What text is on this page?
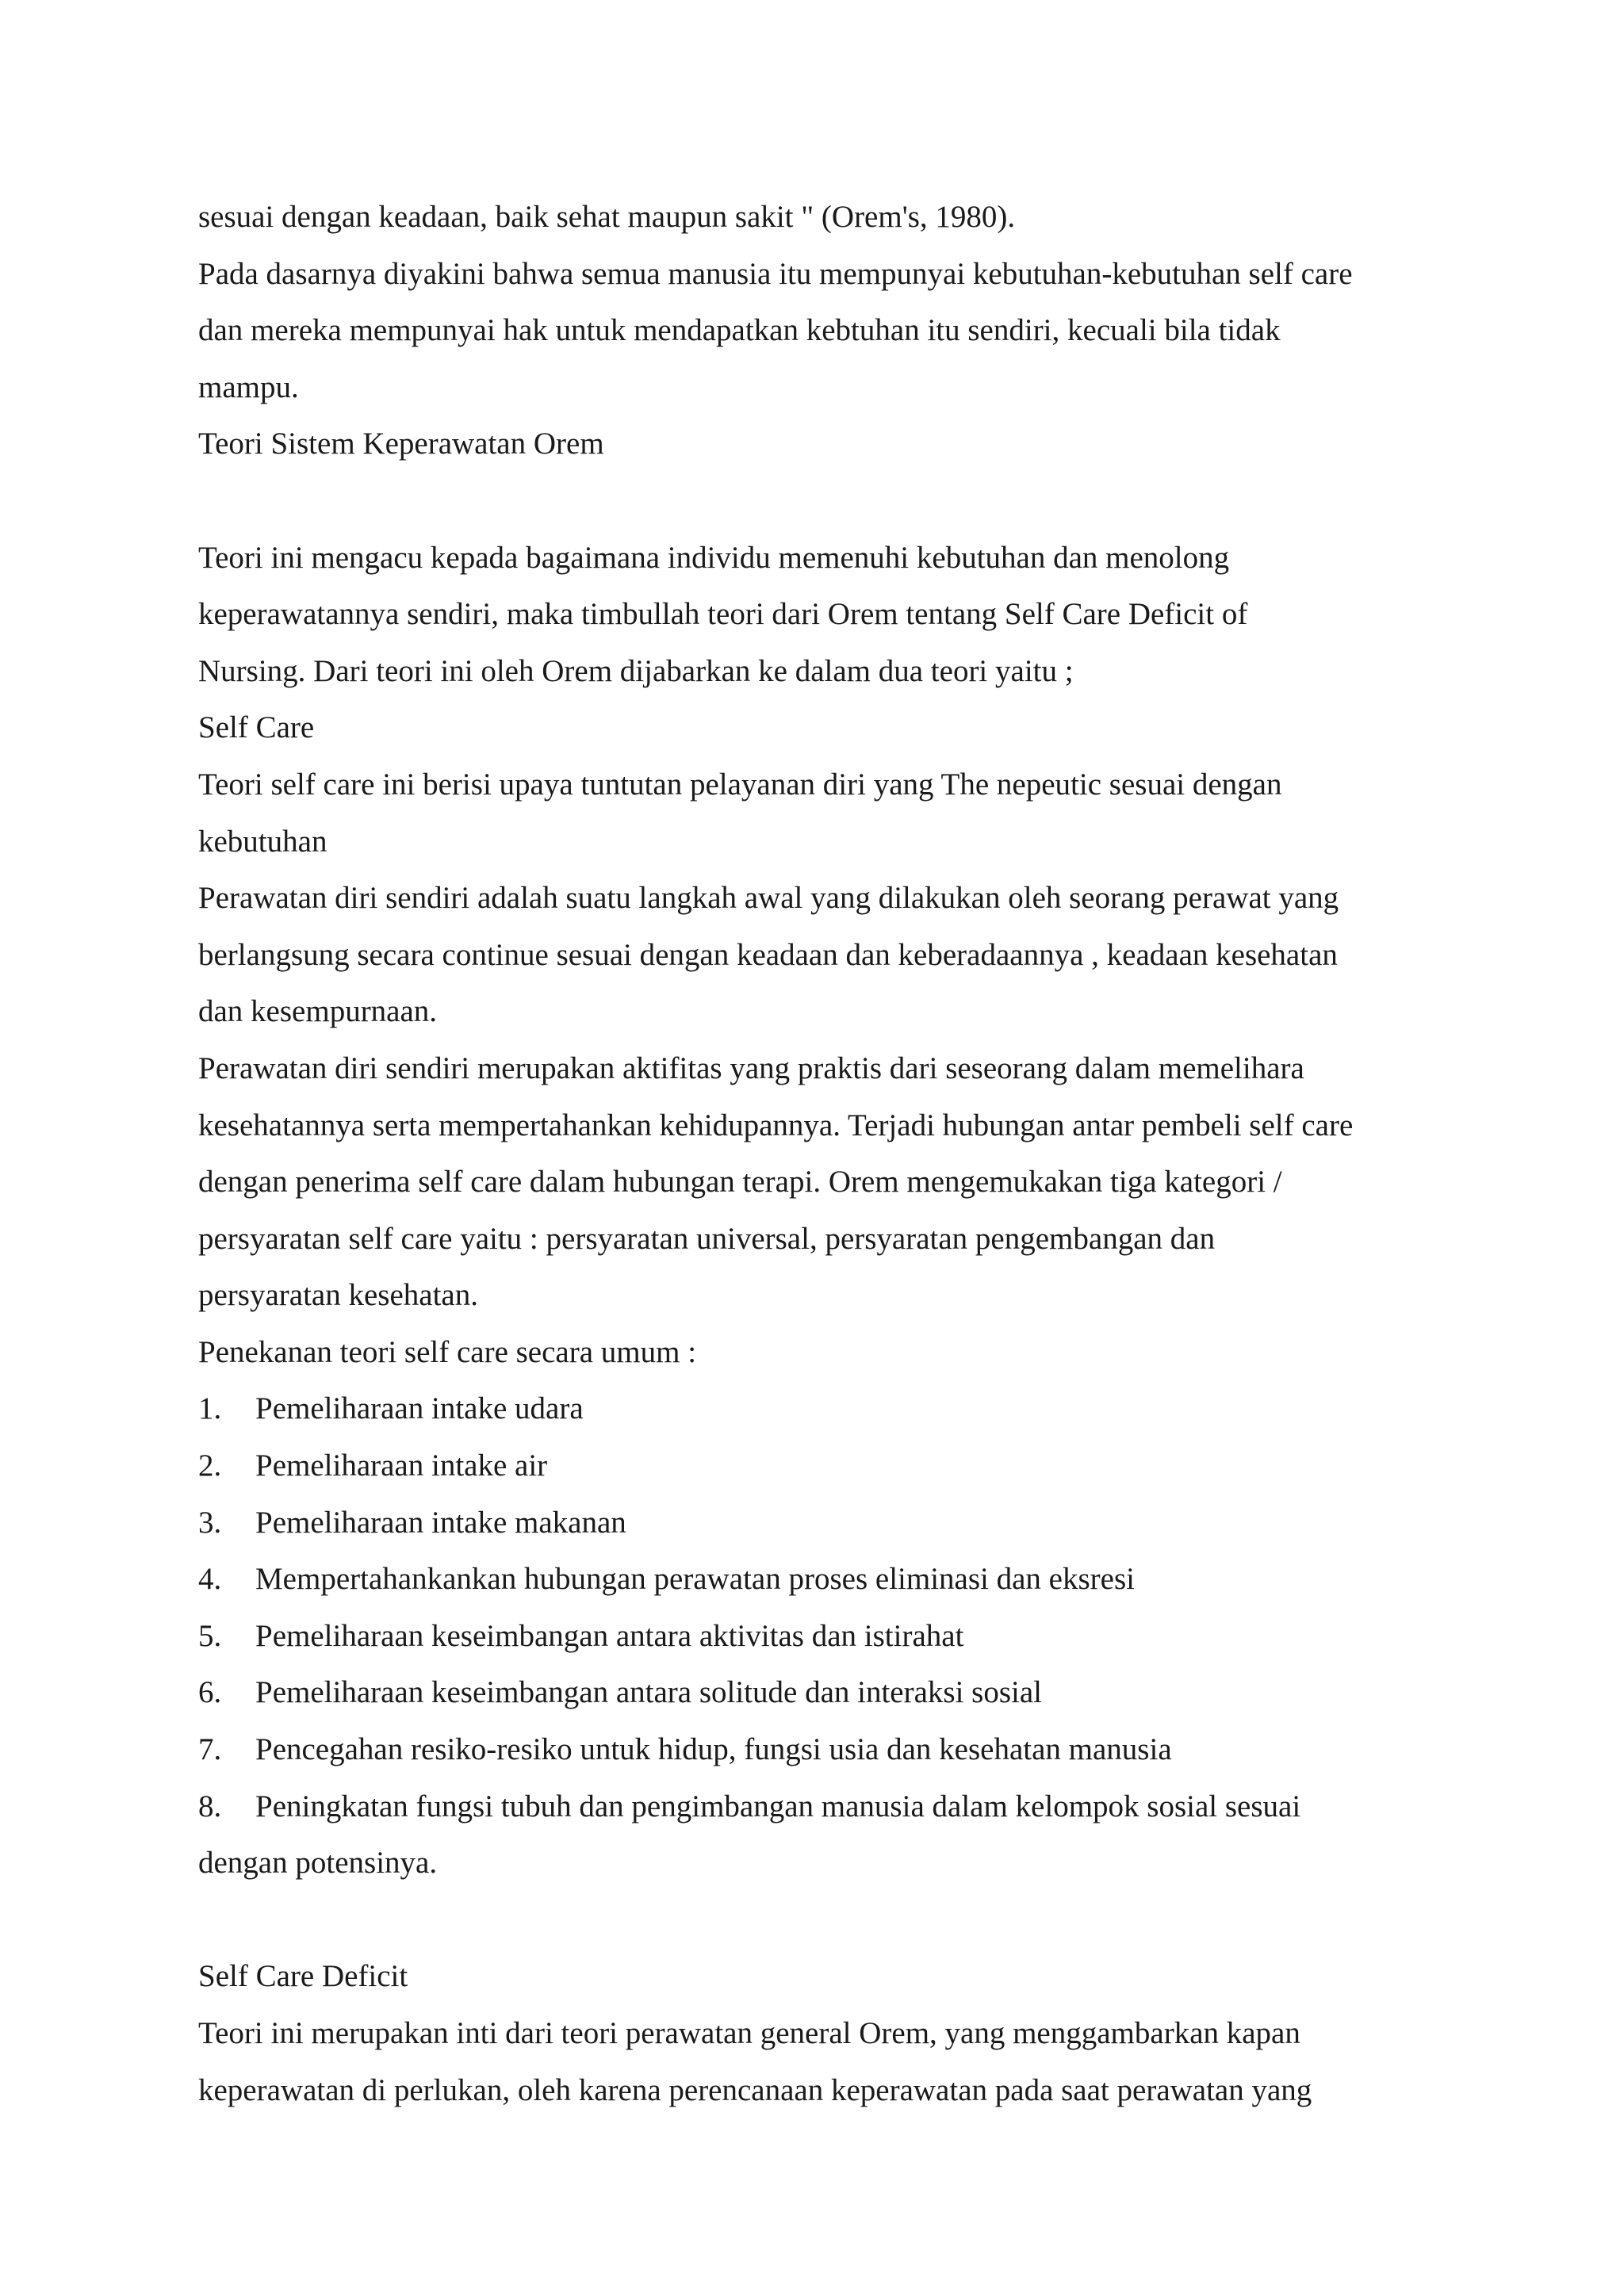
sesuai dengan keadaan, baik sehat maupun sakit " (Orem's, 1980).
Pada dasarnya diyakini bahwa semua manusia itu mempunyai kebutuhan-kebutuhan self care
dan mereka mempunyai hak untuk mendapatkan kebtuhan itu sendiri, kecuali bila tidak
mampu.
Teori Sistem Keperawatan Orem
Teori ini mengacu kepada bagaimana individu memenuhi kebutuhan dan menolong
keperawatannya sendiri, maka timbullah teori dari Orem tentang Self Care Deficit of
Nursing. Dari teori ini oleh Orem dijabarkan ke dalam dua teori yaitu ;
Self Care
Teori self care ini berisi upaya tuntutan pelayanan diri yang The nepeutic sesuai dengan
kebutuhan
Perawatan diri sendiri adalah suatu langkah awal yang dilakukan oleh seorang perawat yang
berlangsung secara continue sesuai dengan keadaan dan keberadaannya , keadaan kesehatan
dan kesempurnaan.
Perawatan diri sendiri merupakan aktifitas yang praktis dari seseorang dalam memelihara
kesehatannya serta mempertahankan kehidupannya. Terjadi hubungan antar pembeli self care
dengan penerima self care dalam hubungan terapi. Orem mengemukakan tiga kategori /
persyaratan self care yaitu : persyaratan universal, persyaratan pengembangan dan
persyaratan kesehatan.
Penekanan teori self care secara umum :
1. Pemeliharaan intake udara
2. Pemeliharaan intake air
3. Pemeliharaan intake makanan
4. Mempertahankankan hubungan perawatan proses eliminasi dan eksresi
5. Pemeliharaan keseimbangan antara aktivitas dan istirahat
6. Pemeliharaan keseimbangan antara solitude dan interaksi sosial
7. Pencegahan resiko-resiko untuk hidup, fungsi usia dan kesehatan manusia
8. Peningkatan fungsi tubuh dan pengimbangan manusia dalam kelompok sosial sesuai
dengan potensinya.
Self Care Deficit
Teori ini merupakan inti dari teori perawatan general Orem, yang menggambarkan kapan
keperawatan di perlukan, oleh karena perencanaan keperawatan pada saat perawatan yang
